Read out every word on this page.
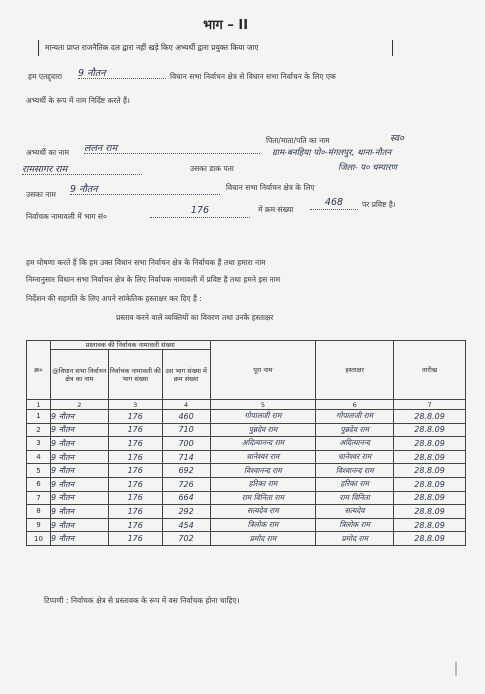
भाग – II
मान्यता प्राप्त राजनैतिक दल द्वारा नहीं खड़े किए अभ्यर्थी द्वारा प्रयुक्त किया जाए
हम एतद्द्वारा 9 नौतन	विधान सभा निर्वाचन क्षेत्र से विधान सभा निर्वाचन के लिए एक
अभ्यर्थी के रूप में नाम निर्दिष्ट करते हैं।
अभ्यर्थी का नाम ललन राम
पिता/माता/पति का नाम	स्व०
रामसागर राम	उसका डाक पता
ग्राम-बनहिया पो०-मंगलपुर, थाना-नौतन
जिला- प० चम्पारण
उसका नाम 9 नौतन	विधान सभा निर्वाचन क्षेत्र के लिए
निर्वाचक नामावली में भाग सं०
176	में क्रम संख्या
468	पर प्रविष्ट है।
हम घोषणा करते हैं कि हम उक्त विधान सभा निर्वाचन क्षेत्र के निर्वाचक हैं तथा हमारा नाम
निम्नानुसार विधान सभा निर्वाचन क्षेत्र के लिए निर्वाचक नामावली में प्रविष्ट है तथा हमने इस नाम
निर्देशन की सहमति के लिए अपने सांकेतिक हस्ताक्षर कर दिए हैं :
प्रस्ताव करने वाले व्यक्तियों का विवरण तथा उनके हस्ताक्षर
क्र०	प्रस्तावक की निर्वाचक नामावली संख्या			पूरा नाम	हस्ताक्षर	तारीख
	@विधान सभा निर्वाचन क्षेत्र का नाम	निर्वाचक नामावली की भाग संख्या	उस भाग संख्या में क्रम संख्या			
1	2	3	4	5	6	7
1	9 नौतन	176	460	गोपालजी राम	गोपालजी राम	28.8.09
2	9 नौतन	176	710	पुन्नदेव राम	पुन्नदेव राम	28.8.09
3	9 नौतन	176	700	अदित्यानन्द राम	अदित्यानन्द	28.8.09
4	9 नौतन	176	714	धानेश्वर राम	धानेश्वर राम	28.8.09
5	9 नौतन	176	692	विश्वानन्द राम	विश्वानन्द राम	28.8.09
6	9 नौतन	176	726	हरिका राम	हरिका राम	28.8.09
7	9 नौतन	176	664	राम विनिता राम	राम विनिता	28.8.09
8	9 नौतन	176	292	सत्यदेव राम	सत्यदेव	28.8.09
9	9 नौतन	176	454	त्रिलोक राम	त्रिलोक राम	28.8.09
10	9 नौतन	176	702	प्रमोद राम	प्रमोद राम	28.8.09
टिप्पणी : निर्वाचक क्षेत्र से प्रस्तावक के रूप में वस निर्वाचक होना चाहिए।
